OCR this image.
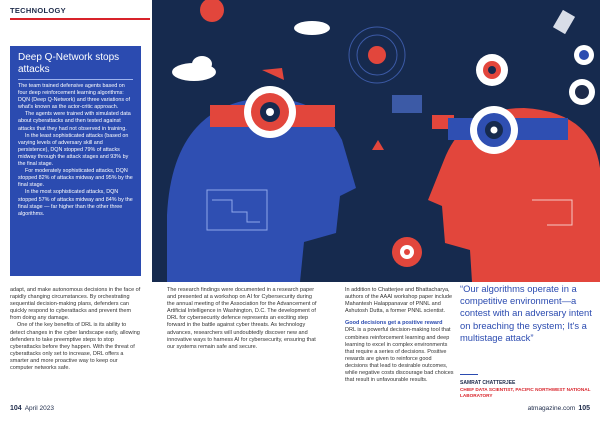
TECHNOLOGY
Deep Q-Network stops attacks

The team trained defensive agents based on four deep reinforcement learning algorithms: DQN (Deep Q-Network) and three variations of what's known as the actor-critic approach.

The agents were trained with simulated data about cyberattacks and then tested against attacks that they had not observed in training.

In the least sophisticated attacks (based on varying levels of adversary skill and persistence), DQN stopped 79% of attacks midway through the attack stages and 93% by the final stage.

For moderately sophisticated attacks, DQN stopped 82% of attacks midway and 95% by the final stage.

In the most sophisticated attacks, DQN stopped 57% of attacks midway and 84% by the final stage — far higher than the other three algorithms.

adapt, and make autonomous decisions in the face of rapidly changing circumstances. By orchestrating sequential decision-making plans, defenders can quickly respond to cyberattacks and prevent them from doing any damage.

One of the key benefits of DRL is its ability to detect changes in the cyber landscape early, allowing defenders to take preemptive steps to stop cyberattacks before they happen. With the threat of cyberattacks only set to increase, DRL offers a smarter and more proactive way to keep our computer networks safe.

The research findings were documented in a research paper and presented at a workshop on AI for Cybersecurity during the annual meeting of the Association for the Advancement of Artificial Intelligence in Washington, D.C. The development of DRL for cybersecurity defence represents an exciting step forward in the battle against cyber threats. As technology advances, researchers will undoubtedly discover new and innovative ways to harness AI for cybersecurity, ensuring that our systems remain safe and secure.

In addition to Chatterjee and Bhattacharya, authors of the AAAI workshop paper include Mahantesh Halappanavar of PNNL and Ashutosh Dutta, a former PNNL scientist.

Good decisions get a positive reward

DRL is a powerful decision-making tool that combines reinforcement learning and deep learning to excel in complex environments that require a series of decisions. Positive rewards are given to reinforce good decisions that lead to desirable outcomes, while negative costs discourage bad choices that result in unfavourable results.

“Our algorithms operate in a competitive environment—a contest with an adversary intent on breaching the system; It's a multistage attack”
SAMRAT CHATTERJEE
CHIEF DATA SCIENTIST, PACIFIC NORTHWEST NATIONAL LABORATORY
104 April 2023	atmagazine.com 105
